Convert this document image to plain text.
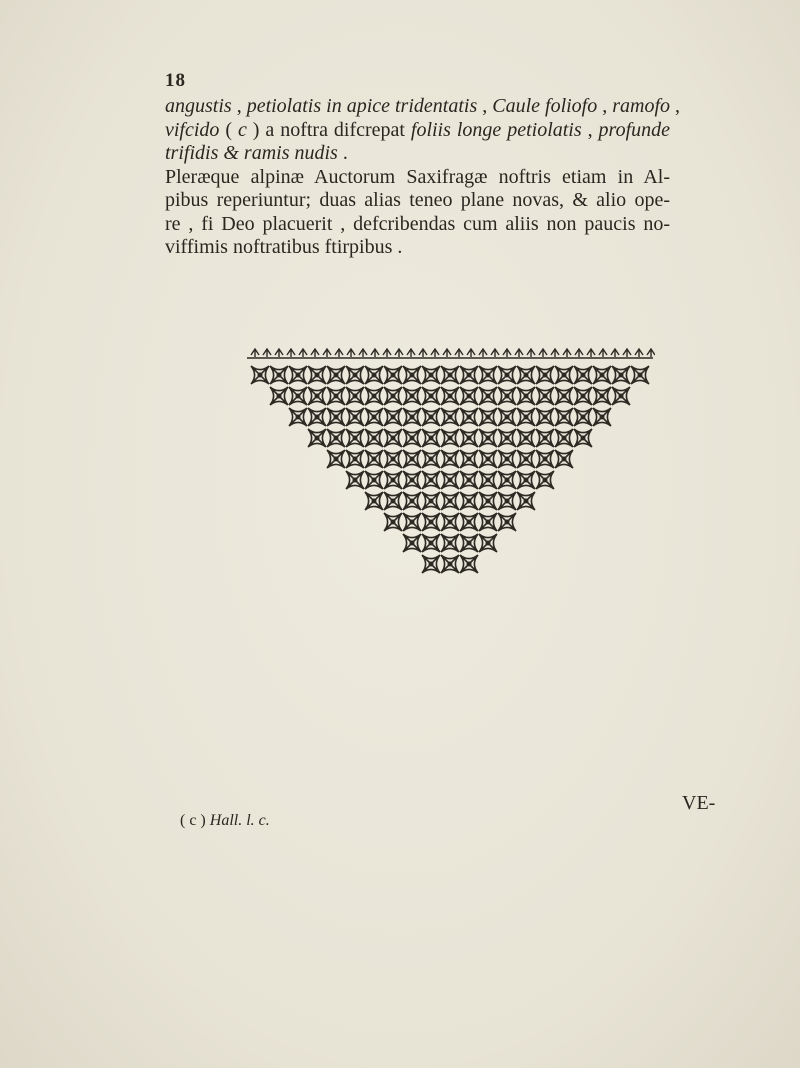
18
angustis , petiolatis in apice tridentatis , Caule foliofo , ramofo ,
vifcido ( c ) a noftra difcrepat foliis longe petiolatis , profunde
trifidis & ramis nudis .
Pleræque alpinæ Auctorum Saxifragæ noftris etiam in Al-
pibus reperiuntur; duas alias teneo plane novas, & alio ope-
re , fi Deo placuerit , defcribendas cum aliis non paucis no-
viffimis noftratibus ftirpibus .
VE-
( c ) Hall. l. c.
